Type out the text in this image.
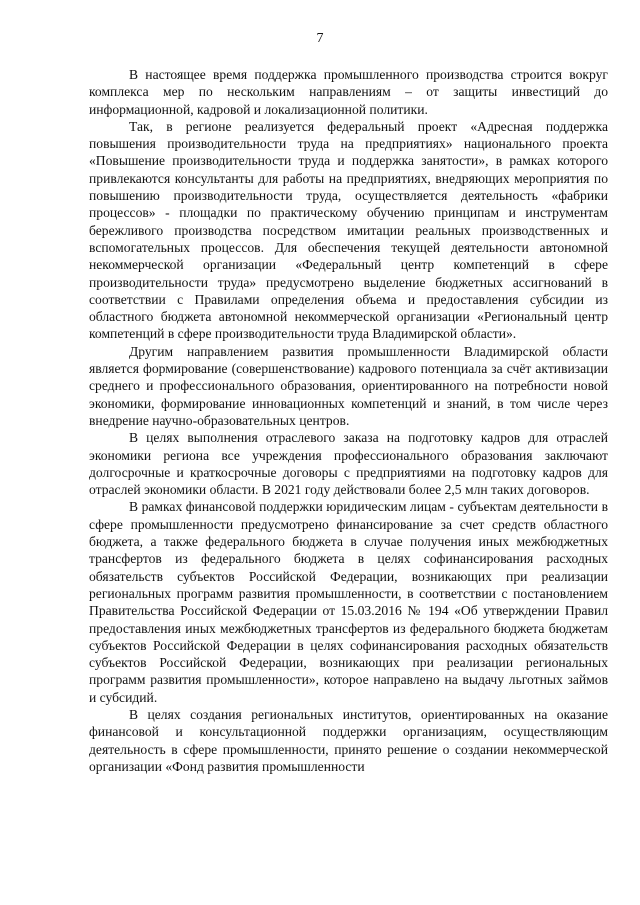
7

В настоящее время поддержка промышленного производства строится вокруг комплекса мер по нескольким направлениям – от защиты инвестиций до информационной, кадровой и локализационной политики.

Так, в регионе реализуется федеральный проект «Адресная поддержка повышения производительности труда на предприятиях» национального проекта «Повышение производительности труда и поддержка занятости», в рамках которого привлекаются консультанты для работы на предприятиях, внедряющих мероприятия по повышению производительности труда, осуществляется деятельность «фабрики процессов» - площадки по практическому обучению принципам и инструментам бережливого производства посредством имитации реальных производственных и вспомогательных процессов. Для обеспечения текущей деятельности автономной некоммерческой организации «Федеральный центр компетенций в сфере производительности труда» предусмотрено выделение бюджетных ассигнований в соответствии с Правилами определения объема и предоставления субсидии из областного бюджета автономной некоммерческой организации «Региональный центр компетенций в сфере производительности труда Владимирской области».

Другим направлением развития промышленности Владимирской области является формирование (совершенствование) кадрового потенциала за счёт активизации среднего и профессионального образования, ориентированного на потребности новой экономики, формирование инновационных компетенций и знаний, в том числе через внедрение научно-образовательных центров.

В целях выполнения отраслевого заказа на подготовку кадров для отраслей экономики региона все учреждения профессионального образования заключают долгосрочные и краткосрочные договоры с предприятиями на подготовку кадров для отраслей экономики области. В 2021 году действовали более 2,5 млн таких договоров.

В рамках финансовой поддержки юридическим лицам - субъектам деятельности в сфере промышленности предусмотрено финансирование за счет средств областного бюджета, а также федерального бюджета в случае получения иных межбюджетных трансфертов из федерального бюджета в целях софинансирования расходных обязательств субъектов Российской Федерации, возникающих при реализации региональных программ развития промышленности, в соответствии с постановлением Правительства Российской Федерации от 15.03.2016 № 194 «Об утверждении Правил предоставления иных межбюджетных трансфертов из федерального бюджета бюджетам субъектов Российской Федерации в целях софинансирования расходных обязательств субъектов Российской Федерации, возникающих при реализации региональных программ развития промышленности», которое направлено на выдачу льготных займов и субсидий.

В целях создания региональных институтов, ориентированных на оказание финансовой и консультационной поддержки организациям, осуществляющим деятельность в сфере промышленности, принято решение о создании некоммерческой организации «Фонд развития промышленности
